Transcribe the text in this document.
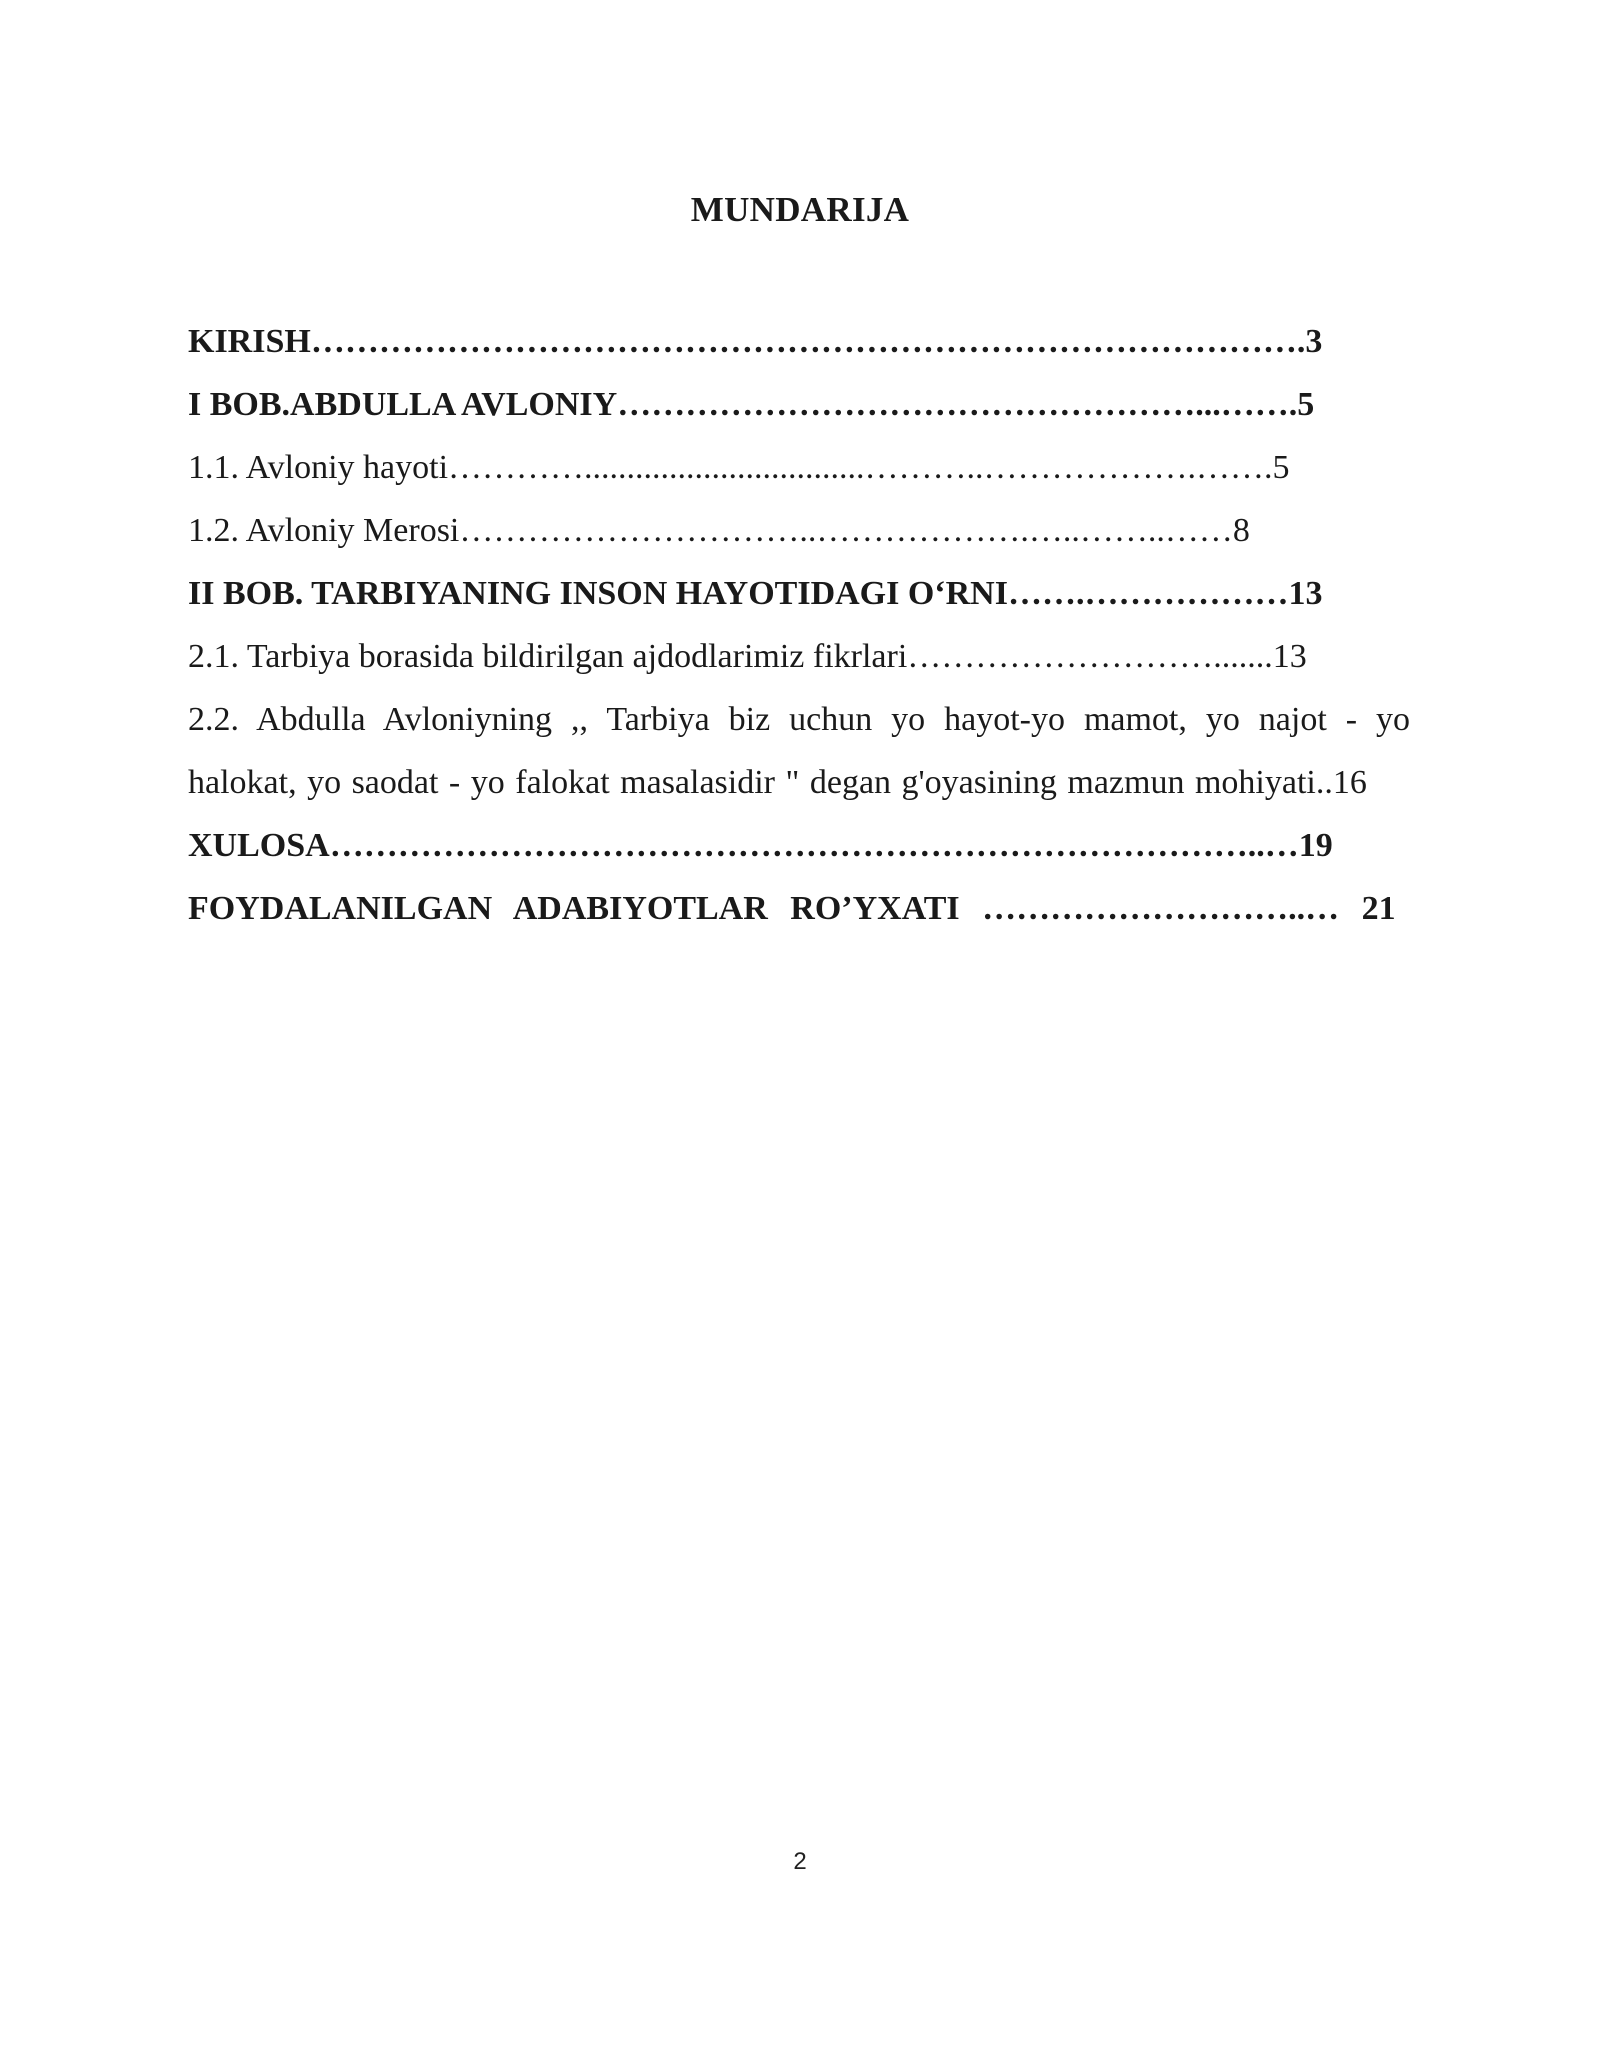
MUNDARIJA
KIRISH…………………………………………………………………………….3
I BOB.ABDULLA AVLONIY……………………………………………...…….5
1.1. Avloniy hayoti………….................................………..……………….…….5
1.2. Avloniy Merosi…………………………..……………….…..……..……8
II BOB. TARBIYANING INSON HAYOTIDAGI O‘RNI…….………………13
2.1. Tarbiya borasida bildirilgan ajdodlarimiz fikrlari……………………….......13
2.2. Abdulla Avloniyning ,, Tarbiya biz uchun yo hayot-yo mamot, yo najot - yo halokat, yo saodat - yo falokat masalasidir " degan g'oyasining mazmun mohiyati..16
XULOSA………………………………………………………………………..…19
FOYDALANILGAN ADABIYOTLAR RO’YXATI ………………………..… 21
2
